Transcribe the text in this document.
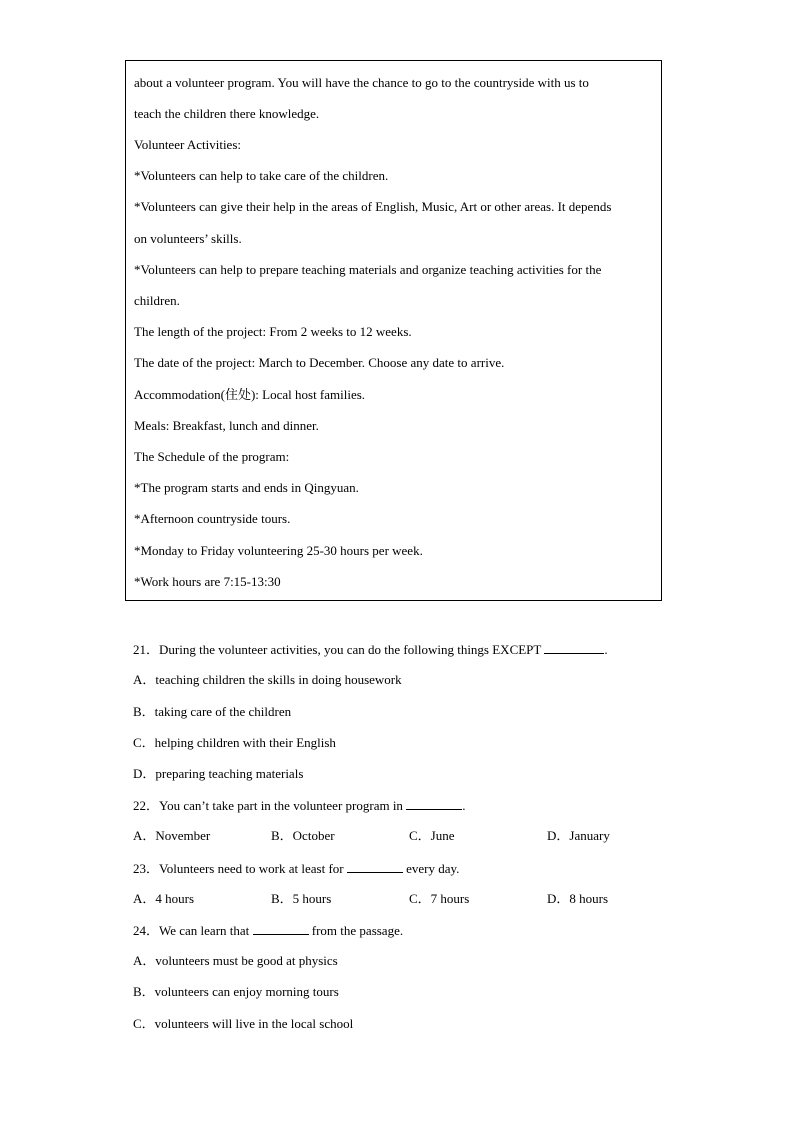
about a volunteer program. You will have the chance to go to the countryside with us to
teach the children there knowledge.
Volunteer Activities:
*Volunteers can help to take care of the children.
*Volunteers can give their help in the areas of English, Music, Art or other areas. It depends
on volunteers’ skills.
*Volunteers can help to prepare teaching materials and organize teaching activities for the
children.
The length of the project: From 2 weeks to 12 weeks.
The date of the project: March to December. Choose any date to arrive.
Accommodation(住处): Local host families.
Meals: Breakfast, lunch and dinner.
The Schedule of the program:
*The program starts and ends in Qingyuan.
*Afternoon countryside tours.
*Monday to Friday volunteering 25-30 hours per week.
*Work hours are 7:15-13:30
21．During the volunteer activities, you can do the following things EXCEPT	.
A．teaching children the skills in doing housework
B．taking care of the children
C．helping children with their English
D．preparing teaching materials
22．You can’t take part in the volunteer program in	.
A．November	B．October	C．June	D．January
23．Volunteers need to work at least for	every day.
A．4 hours	B．5 hours	C．7 hours	D．8 hours
24．We can learn that	from the passage.
A．volunteers must be good at physics
B．volunteers can enjoy morning tours
C．volunteers will live in the local school
